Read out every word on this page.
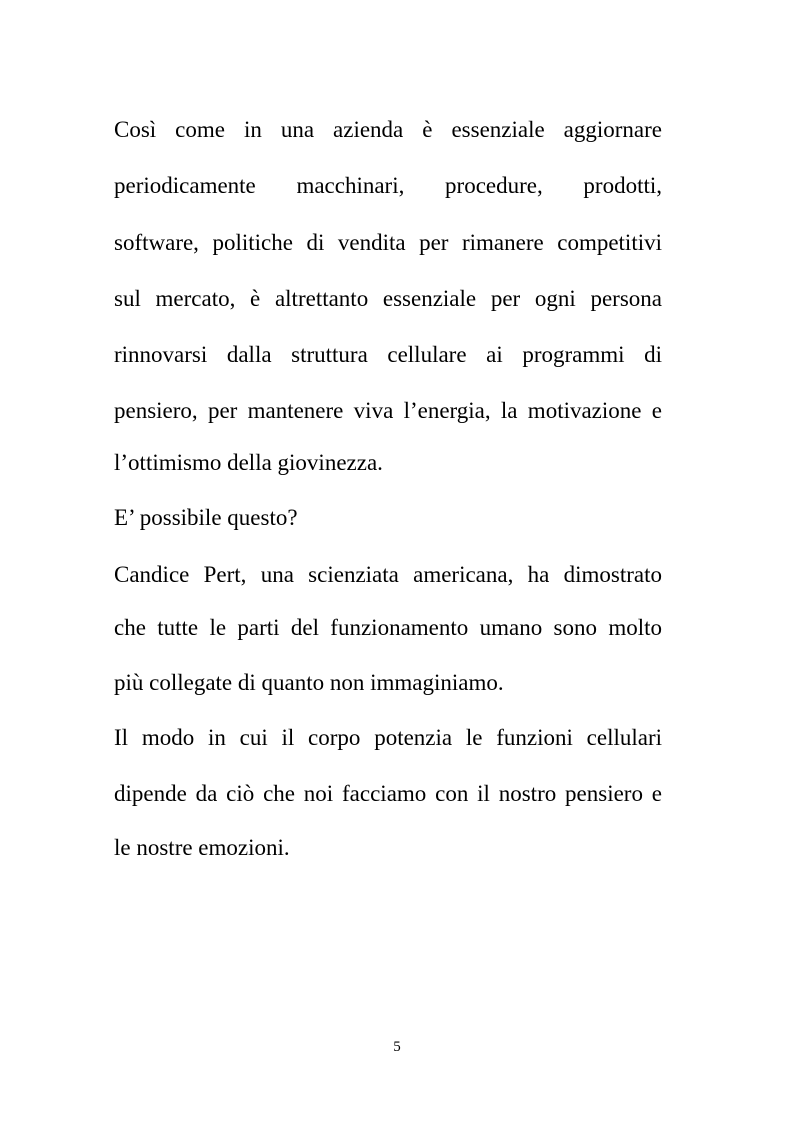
Così come in una azienda è essenziale aggiornare

periodicamente macchinari, procedure, prodotti,

software, politiche di vendita per rimanere competitivi

sul mercato, è altrettanto essenziale per ogni persona

rinnovarsi dalla struttura cellulare ai programmi di

pensiero, per mantenere viva l’energia, la motivazione e

l’ottimismo della giovinezza.

E’ possibile questo?

Candice Pert, una scienziata americana, ha dimostrato

che tutte le parti del funzionamento umano sono molto

più collegate di quanto non immaginiamo.

Il modo in cui il corpo potenzia le funzioni cellulari

dipende da ciò che noi facciamo con il nostro pensiero e

le nostre emozioni.

5
